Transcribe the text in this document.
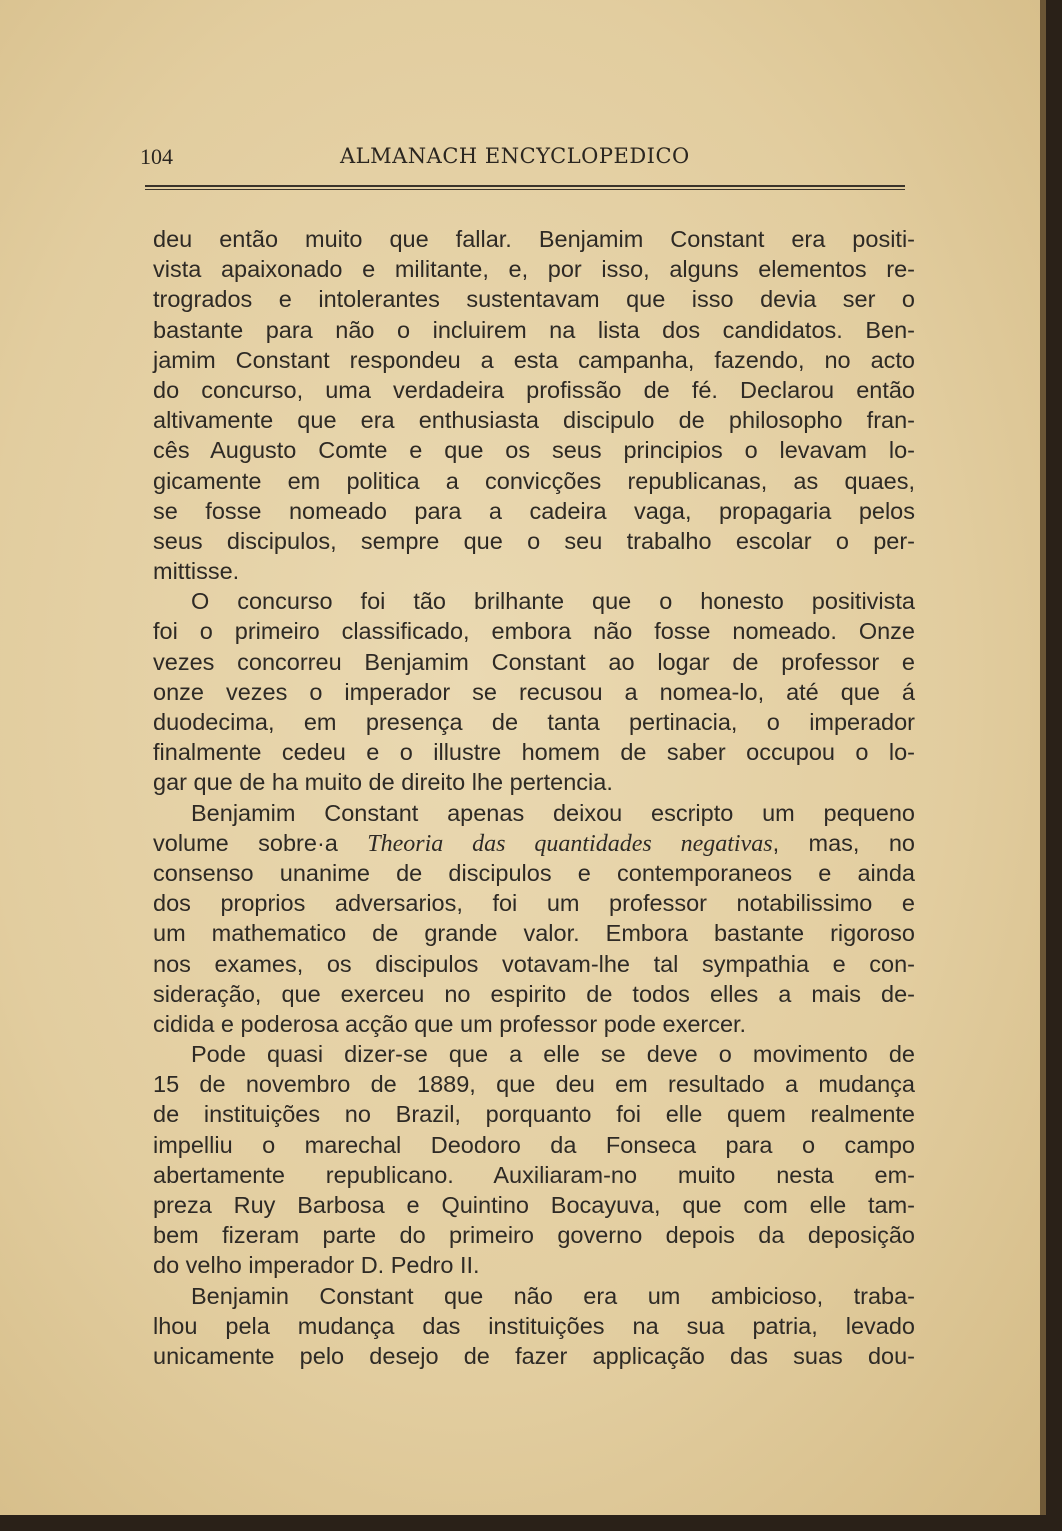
104	ALMANACH ENCYCLOPEDICO
deu então muito que fallar. Benjamim Constant era positi-
vista apaixonado e militante, e, por isso, alguns elementos re-
trogrados e intolerantes sustentavam que isso devia ser o
bastante para não o incluirem na lista dos candidatos. Ben-
jamim Constant respondeu a esta campanha, fazendo, no acto
do concurso, uma verdadeira profissão de fé. Declarou então
altivamente que era enthusiasta discipulo de philosopho fran-
cês Augusto Comte e que os seus principios o levavam lo-
gicamente em politica a convicções republicanas, as quaes,
se fosse nomeado para a cadeira vaga, propagaria pelos
seus discipulos, sempre que o seu trabalho escolar o per-
mittisse.
O concurso foi tão brilhante que o honesto positivista
foi o primeiro classificado, embora não fosse nomeado. Onze
vezes concorreu Benjamim Constant ao logar de professor e
onze vezes o imperador se recusou a nomea-lo, até que á
duodecima, em presença de tanta pertinacia, o imperador
finalmente cedeu e o illustre homem de saber occupou o lo-
gar que de ha muito de direito lhe pertencia.
Benjamim Constant apenas deixou escripto um pequeno
volume sobre·a Theoria das quantidades negativas, mas, no
consenso unanime de discipulos e contemporaneos e ainda
dos proprios adversarios, foi um professor notabilissimo e
um mathematico de grande valor. Embora bastante rigoroso
nos exames, os discipulos votavam-lhe tal sympathia e con-
sideração, que exerceu no espirito de todos elles a mais de-
cidida e poderosa acção que um professor pode exercer.
Pode quasi dizer-se que a elle se deve o movimento de
15 de novembro de 1889, que deu em resultado a mudança
de instituições no Brazil, porquanto foi elle quem realmente
impelliu o marechal Deodoro da Fonseca para o campo
abertamente republicano. Auxiliaram-no muito nesta em-
preza Ruy Barbosa e Quintino Bocayuva, que com elle tam-
bem fizeram parte do primeiro governo depois da deposição
do velho imperador D. Pedro II.
Benjamin Constant que não era um ambicioso, traba-
lhou pela mudança das instituições na sua patria, levado
unicamente pelo desejo de fazer applicação das suas dou-
